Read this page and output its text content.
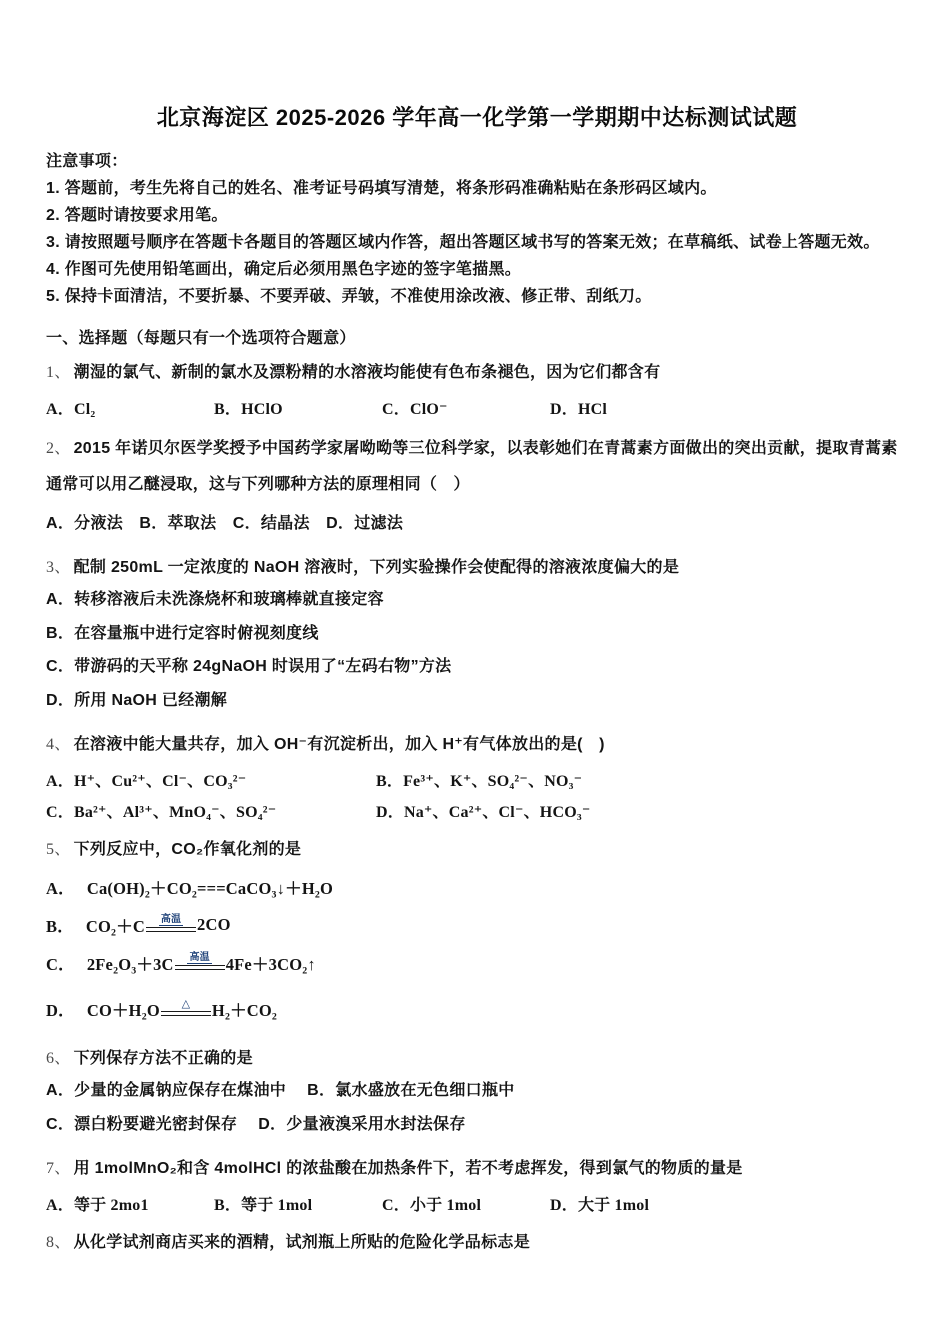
北京海淀区 2025-2026 学年高一化学第一学期期中达标测试试题

注意事项：

1. 答题前，考生先将自己的姓名、准考证号码填写清楚，将条形码准确粘贴在条形码区域内。

2. 答题时请按要求用笔。

3. 请按照题号顺序在答题卡各题目的答题区域内作答，超出答题区域书写的答案无效；在草稿纸、试卷上答题无效。

4. 作图可先使用铅笔画出，确定后必须用黑色字迹的签字笔描黑。

5. 保持卡面清洁，不要折暴、不要弄破、弄皱，不准使用涂改液、修正带、刮纸刀。

一、选择题（每题只有一个选项符合题意）

1、 潮湿的氯气、新制的氯水及漂粉精的水溶液均能使有色布条褪色，因为它们都含有

A．Cl₂	B．HClO	C．ClO⁻	D．HCl

2、 2015 年诺贝尔医学奖授予中国药学家屠呦呦等三位科学家，以表彰她们在青蒿素方面做出的突出贡献，提取青蒿素通常可以用乙醚浸取，这与下列哪种方法的原理相同（　）

A．分液法　B．萃取法　C．结晶法　D．过滤法

3、 配制 250mL 一定浓度的 NaOH 溶液时，下列实验操作会使配得的溶液浓度偏大的是

A．转移溶液后未洗涤烧杯和玻璃棒就直接定容

B．在容量瓶中进行定容时俯视刻度线

C．带游码的天平称 24gNaOH 时误用了“左码右物”方法

D．所用 NaOH 已经潮解

4、 在溶液中能大量共存，加入 OH⁻有沉淀析出，加入 H⁺有气体放出的是(　)

A．H⁺、Cu²⁺、Cl⁻、CO₃²⁻	B．Fe³⁺、K⁺、SO₄²⁻、NO₃⁻
C．Ba²⁺、Al³⁺、MnO₄⁻、SO₄²⁻	D．Na⁺、Ca²⁺、Cl⁻、HCO₃⁻

5、 下列反应中，CO₂作氧化剂的是

A． Ca(OH)₂＋CO₂===CaCO₃↓＋H₂O
B． CO₂＋C 高温 2CO
C． 2Fe₂O₃＋3C 高温 4Fe＋3CO₂↑
D． CO＋H₂O △ H₂＋CO₂

6、 下列保存方法不正确的是

A．少量的金属钠应保存在煤油中　 B．氯水盛放在无色细口瓶中

C．漂白粉要避光密封保存　 D．少量液溴采用水封法保存

7、 用 1molMnO₂和含 4molHCl 的浓盐酸在加热条件下，若不考虑挥发，得到氯气的物质的量是

A．等于 2mo1	B．等于 1mol	C．小于 1mol	D．大于 1mol

8、 从化学试剂商店买来的酒精，试剂瓶上所贴的危险化学品标志是
